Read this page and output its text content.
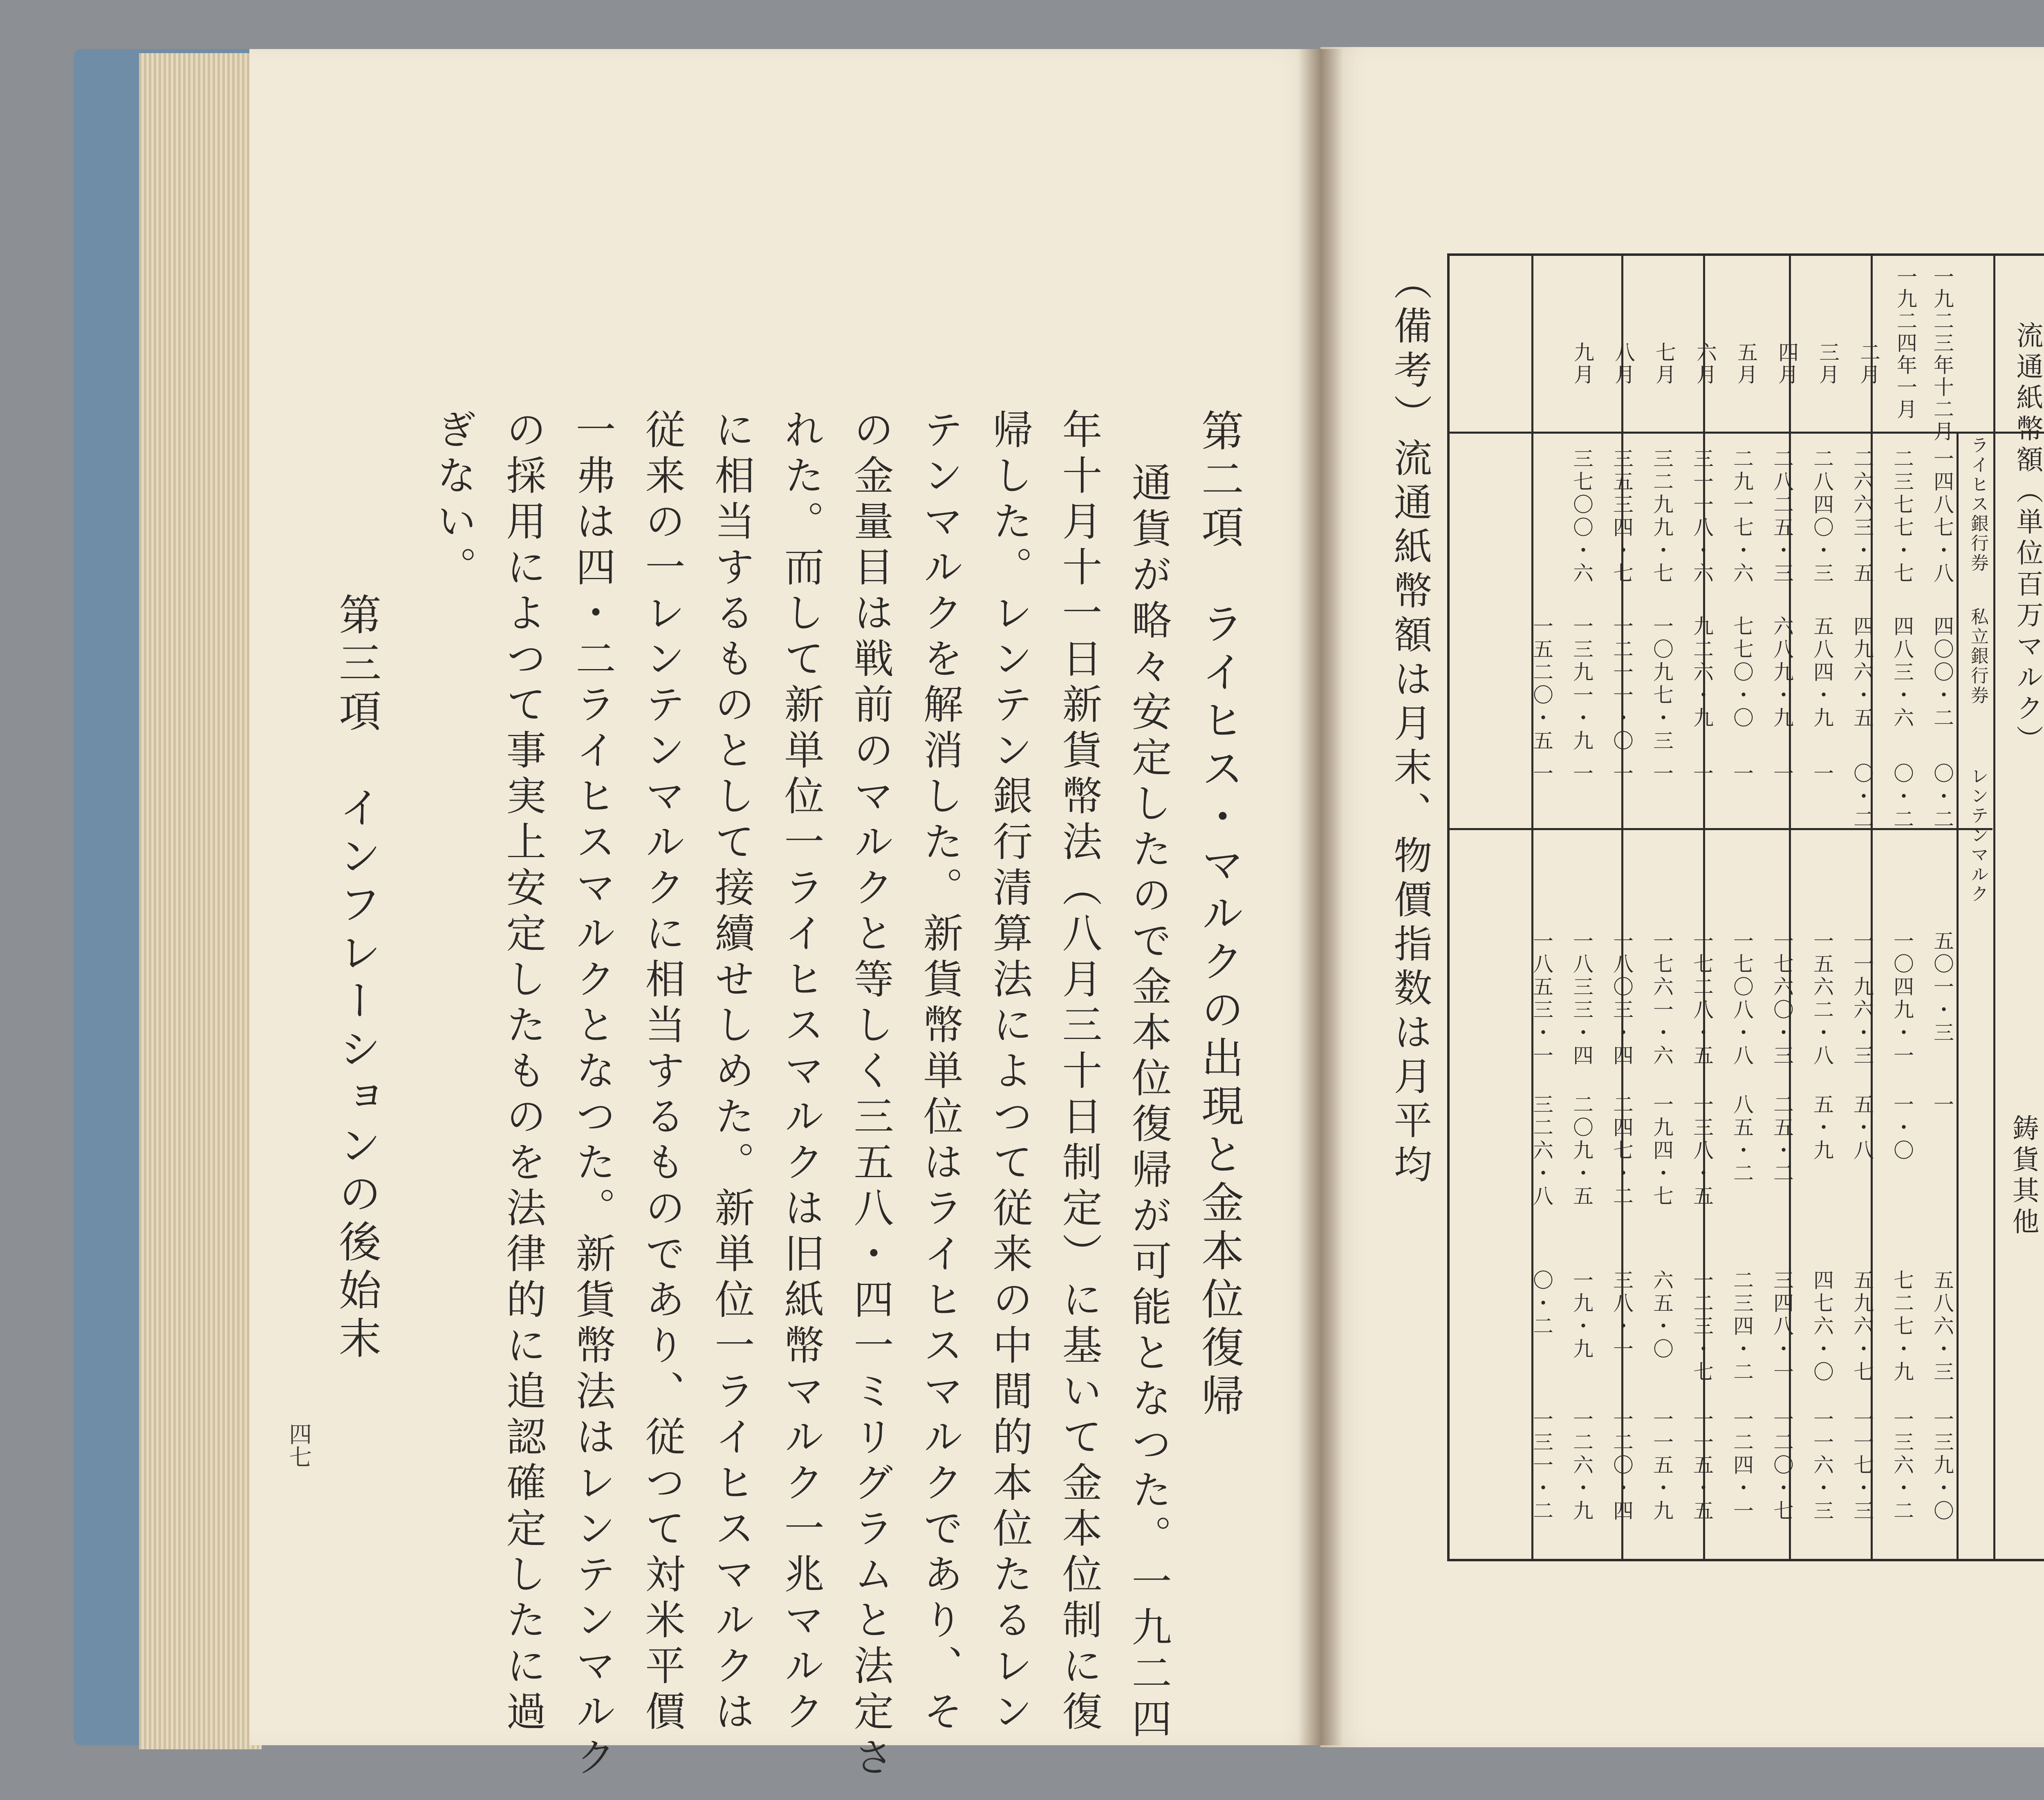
第二項　ライヒス・マルクの出現と金本位復帰
通貨が略々安定したので金本位復帰が可能となつた。一九二四
年十月十一日新貨幣法（八月三十日制定）に基いて金本位制に復
帰した。レンテン銀行清算法によつて従来の中間的本位たるレン
テンマルクを解消した。新貨幣単位はライヒスマルクであり、そ
の金量目は戦前のマルクと等しく三五八・四一ミリグラムと法定さ
れた。而して新単位一ライヒスマルクは旧紙幣マルク一兆マルク
に相当するものとして接續せしめた。新単位一ライヒスマルクは
従来の一レンテンマルクに相当するものであり、従つて対米平價
一弗は四・二ライヒスマルクとなつた。新貨幣法はレンテンマルク
の採用によつて事実上安定したものを法律的に追認確定したに過
ぎない。
第三項　インフレーションの後始末
四七
流通紙幣額（単位百万マルク）
ライヒス銀行券
私立銀行券
レンテンマルク
鋳貨其他
一九二三年十二月
一九二四年一月
二月
三月
四月
五月
六月
七月
八月
九月
一四八七・八
四〇〇・二
〇・二
五〇一・三
一
五八六・三
一三九・〇
二三七七・七
四八三・六
〇・二
一〇四九・一
一・〇
七二七・九
一三六・二
二六六三・五
四九六・五
〇・二
一一九六・三
五・八
五九六・七
一一七・三
二八四〇・三
五八四・九
一
一五六二・八
五・九
四七六・〇
一一六・三
二八二五・三
六八九・九
一
一七六〇・三
二五・二
三四八・一
一二〇・七
二九一七・六
七七〇・〇
一
一七〇八・八
八五・二
二三四・二
一二四・一
三一一八・六
九二六・九
一
一七二八・五
一三八・五
一二三・七
一一五・五
三二九九・七
一〇九七・三
一
一七六一・六
一九四・七
六五・〇
一一五・九
三五三四・七
一二一一・〇
一
一八〇三・四
二四七・二
三八・一
一二〇・四
三七〇〇・六
一三九一・九
一
一八三三・四
二〇九・五
一九・九
一二六・九
一五二〇・五
一
一八五三・一
三二六・八
〇・二
一三一・二
（備考）流通紙幣額は月末、物價指数は月平均
